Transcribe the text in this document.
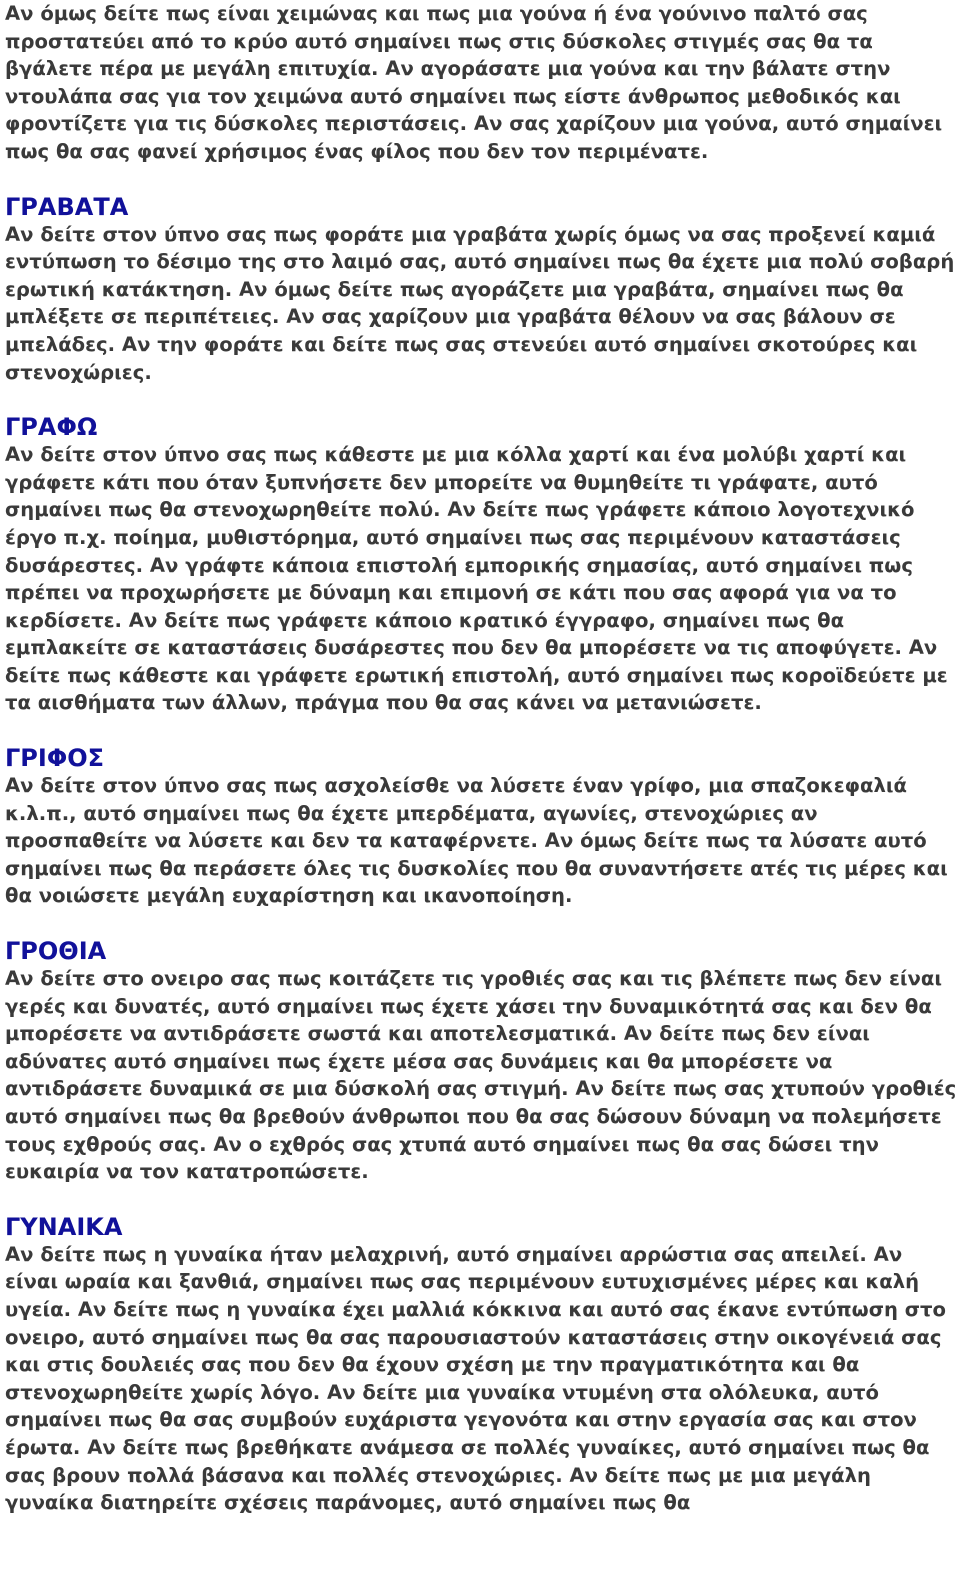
Αν όμως δείτε πως είναι χειμώνας και πως μια γούνα ή ένα γούνινο παλτό σας προστατεύει από το κρύο αυτό σημαίνει πως στις δύσκολες στιγμές σας θα τα βγάλετε πέρα με μεγάλη επιτυχία. Αν αγοράσατε μια γούνα και την βάλατε στην ντουλάπα σας για τον χειμώνα αυτό σημαίνει πως είστε άνθρωπος μεθοδικός και φροντίζετε για τις δύσκολες περιστάσεις. Αν σας χαρίζουν μια γούνα, αυτό σημαίνει πως θα σας φανεί χρήσιμος ένας φίλος που δεν τον περιμένατε.

ΓΡΑΒΑΤΑ

Αν δείτε στον ύπνο σας πως φοράτε μια γραβάτα χωρίς όμως να σας προξενεί καμιά εντύπωση το δέσιμο της στο λαιμό σας, αυτό σημαίνει πως θα έχετε μια πολύ σοβαρή ερωτική κατάκτηση. Αν όμως δείτε πως αγοράζετε μια γραβάτα, σημαίνει πως θα μπλέξετε σε περιπέτειες. Αν σας χαρίζουν μια γραβάτα θέλουν να σας βάλουν σε μπελάδες. Αν την φοράτε και δείτε πως σας στενεύει αυτό σημαίνει σκοτούρες και στενοχώριες.

ΓΡΑΦΩ

Αν δείτε στον ύπνο σας πως κάθεστε με μια κόλλα χαρτί και ένα μολύβι χαρτί και γράφετε κάτι που όταν ξυπνήσετε δεν μπορείτε να θυμηθείτε τι γράφατε, αυτό σημαίνει πως θα στενοχωρηθείτε πολύ. Αν δείτε πως γράφετε κάποιο λογοτεχνικό έργο π.χ. ποίημα, μυθιστόρημα, αυτό σημαίνει πως σας περιμένουν καταστάσεις δυσάρεστες. Αν γράφτε κάποια επιστολή εμπορικής σημασίας, αυτό σημαίνει πως πρέπει να προχωρήσετε με δύναμη και επιμονή σε κάτι που σας αφορά για να το κερδίσετε. Αν δείτε πως γράφετε κάποιο κρατικό έγγραφο, σημαίνει πως θα εμπλακείτε σε καταστάσεις δυσάρεστες που δεν θα μπορέσετε να τις αποφύγετε. Αν δείτε πως κάθεστε και γράφετε ερωτική επιστολή, αυτό σημαίνει πως κοροϊδεύετε με τα αισθήματα των άλλων, πράγμα που θα σας κάνει να μετανιώσετε.

ΓΡΙΦΟΣ

Αν δείτε στον ύπνο σας πως ασχολείσθε να λύσετε έναν γρίφο, μια σπαζοκεφαλιά κ.λ.π., αυτό σημαίνει πως θα έχετε μπερδέματα, αγωνίες, στενοχώριες αν προσπαθείτε να λύσετε και δεν τα καταφέρνετε. Αν όμως δείτε πως τα λύσατε αυτό σημαίνει πως θα περάσετε όλες τις δυσκολίες που θα συναντήσετε ατές τις μέρες και θα νοιώσετε μεγάλη ευχαρίστηση και ικανοποίηση.

ΓΡΟΘΙΑ

Αν δείτε στο ονειρο σας πως κοιτάζετε τις γροθιές σας και τις βλέπετε πως δεν είναι γερές και δυνατές, αυτό σημαίνει πως έχετε χάσει την δυναμικότητά σας και δεν θα μπορέσετε να αντιδράσετε σωστά και αποτελεσματικά. Αν δείτε πως δεν είναι αδύνατες αυτό σημαίνει πως έχετε μέσα σας δυνάμεις και θα μπορέσετε να αντιδράσετε δυναμικά σε μια δύσκολή σας στιγμή. Αν δείτε πως σας χτυπούν γροθιές αυτό σημαίνει πως θα βρεθούν άνθρωποι που θα σας δώσουν δύναμη να πολεμήσετε τους εχθρούς σας. Αν ο εχθρός σας χτυπά αυτό σημαίνει πως θα σας δώσει την ευκαιρία να τον κατατροπώσετε.

ΓΥΝΑΙΚΑ

Αν δείτε πως η γυναίκα ήταν μελαχρινή, αυτό σημαίνει αρρώστια σας απειλεί. Αν είναι ωραία και ξανθιά, σημαίνει πως σας περιμένουν ευτυχισμένες μέρες και καλή υγεία. Αν δείτε πως η γυναίκα έχει μαλλιά κόκκινα και αυτό σας έκανε εντύπωση στο ονειρο, αυτό σημαίνει πως θα σας παρουσιαστούν καταστάσεις στην οικογένειά σας και στις δουλειές σας που δεν θα έχουν σχέση με την πραγματικότητα και θα στενοχωρηθείτε χωρίς λόγο. Αν δείτε μια γυναίκα ντυμένη στα ολόλευκα, αυτό σημαίνει πως θα σας συμβούν ευχάριστα γεγονότα και στην εργασία σας και στον έρωτα. Αν δείτε πως βρεθήκατε ανάμεσα σε πολλές γυναίκες, αυτό σημαίνει πως θα σας βρουν πολλά βάσανα και πολλές στενοχώριες. Αν δείτε πως με μια μεγάλη γυναίκα διατηρείτε σχέσεις παράνομες, αυτό σημαίνει πως θα
